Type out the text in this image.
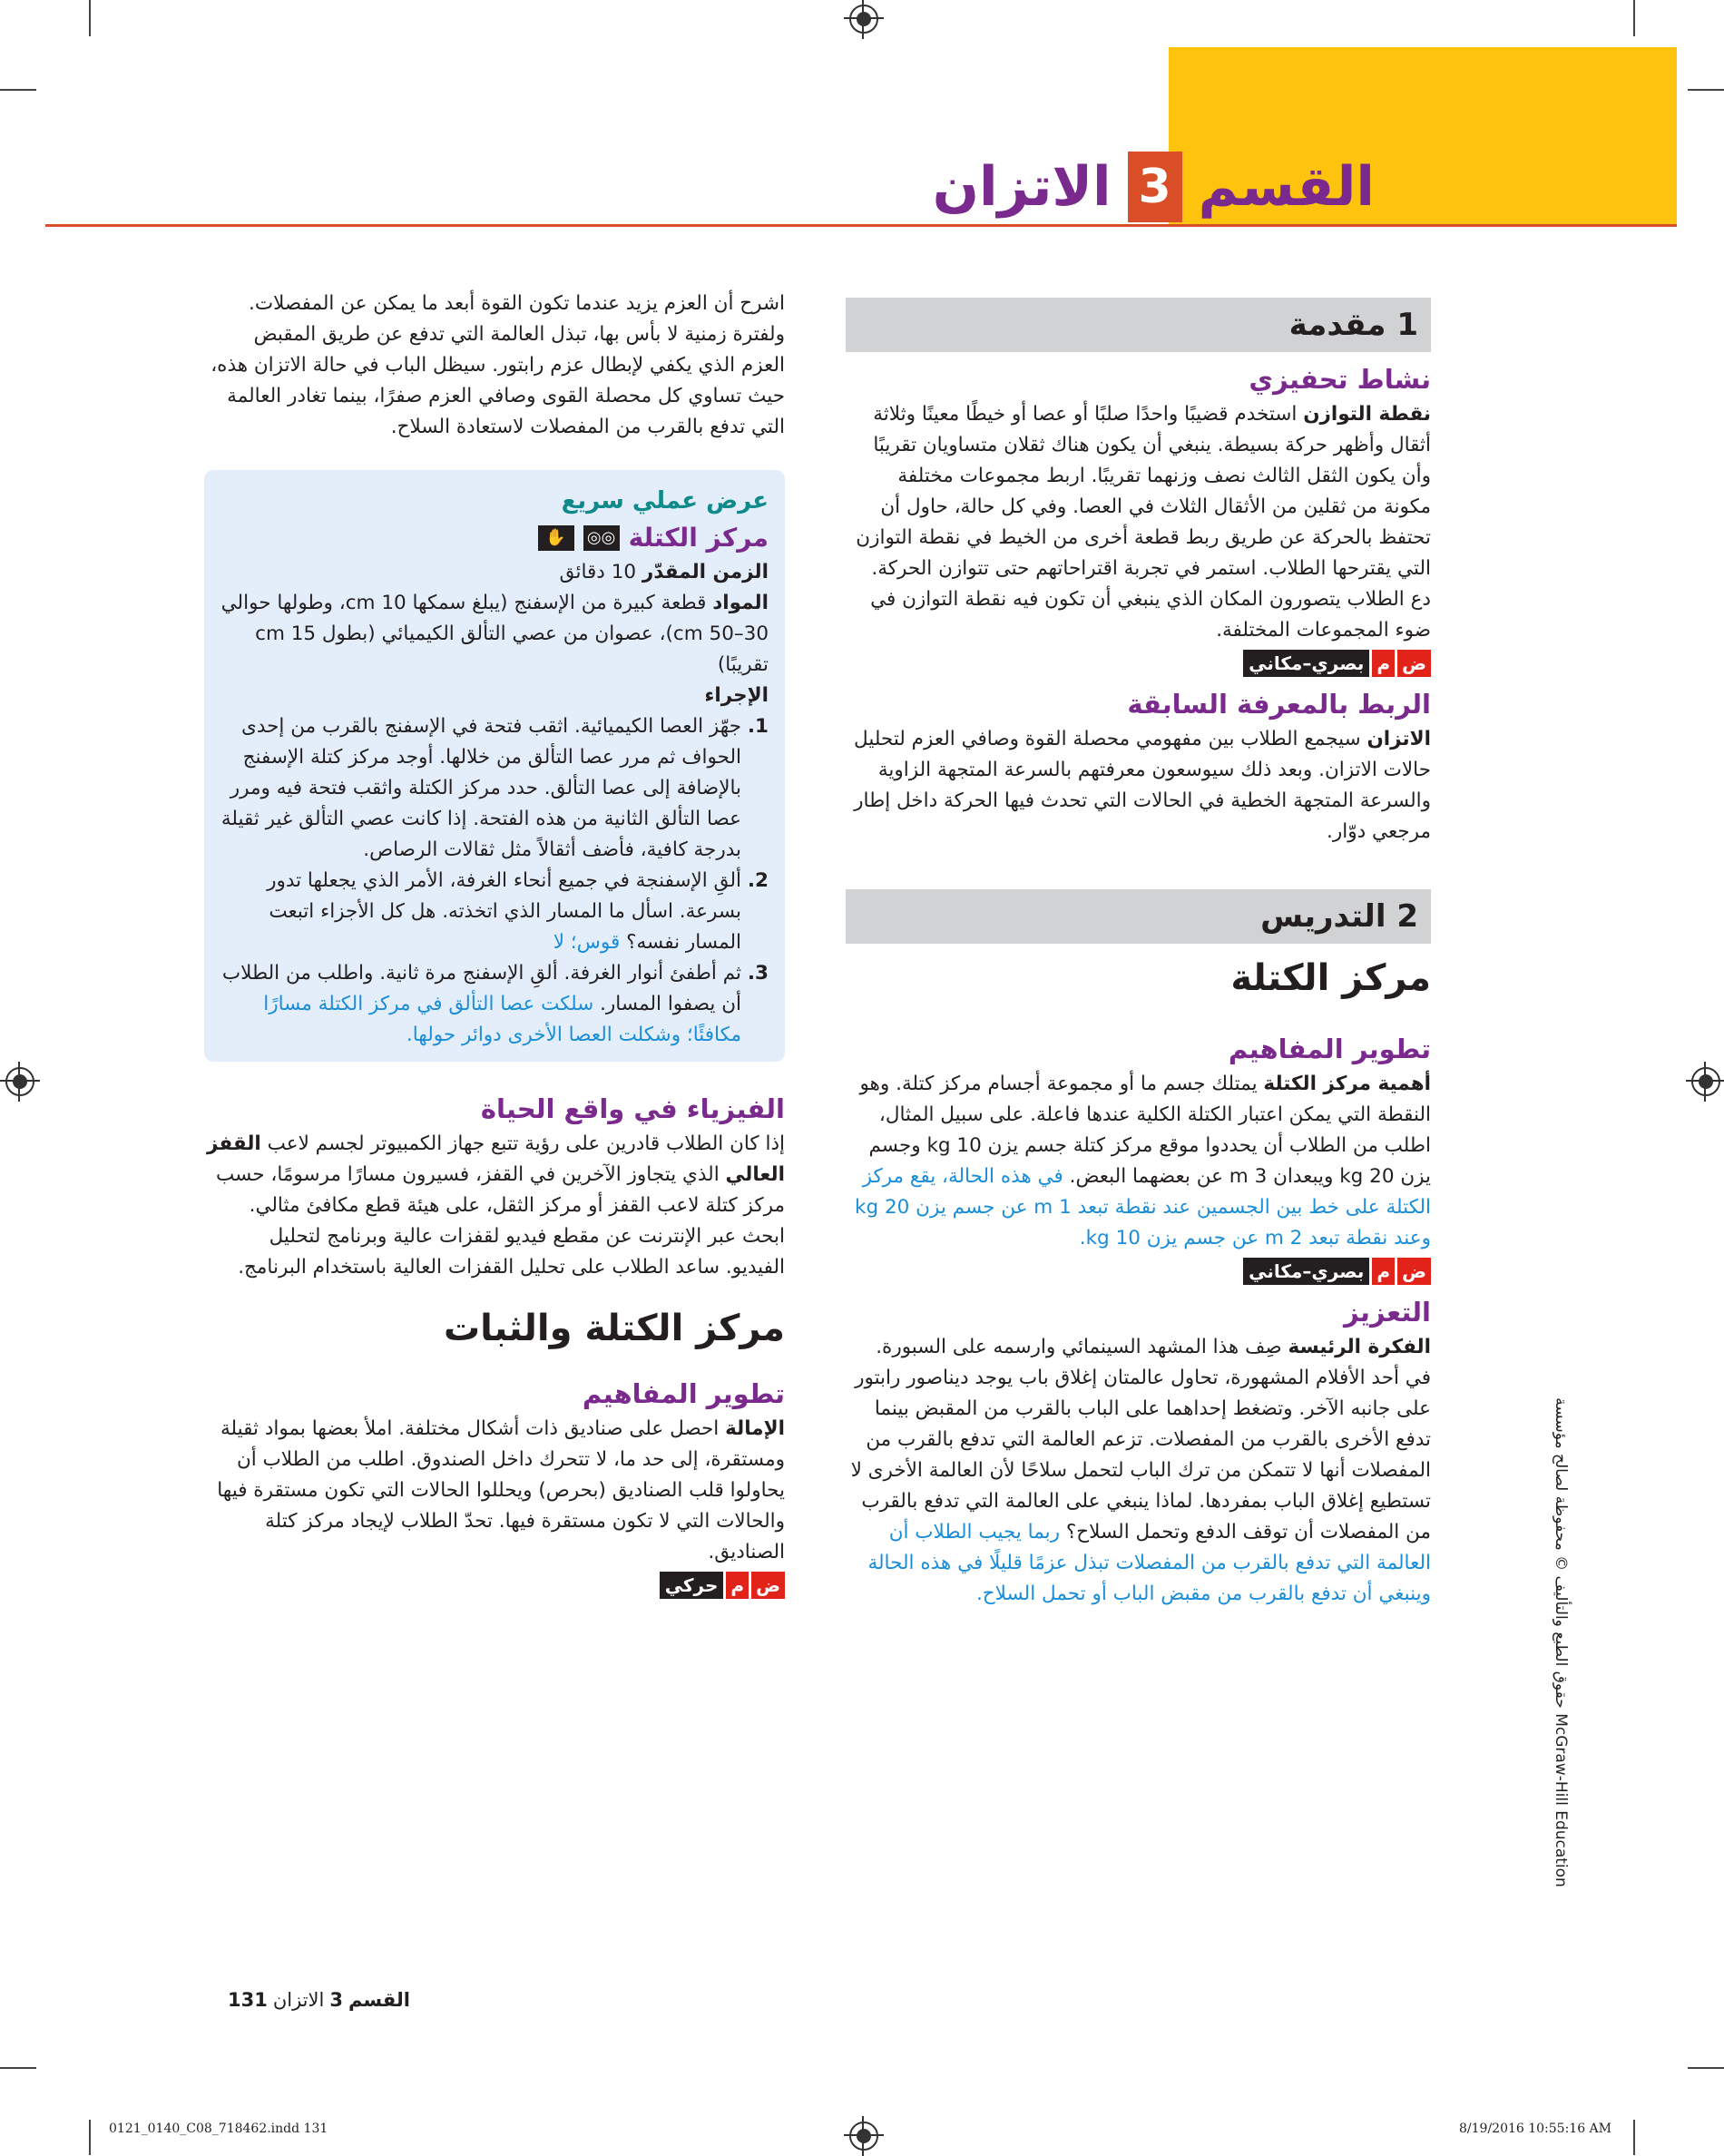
القسم
3
الاتزان
1 مقدمة
نشاط تحفيزي

نقطة التوازن استخدم قضيبًا واحدًا صلبًا أو عصا أو خيطًا معينًا وثلاثة أثقال وأظهر حركة بسيطة. ينبغي أن يكون هناك ثقلان متساويان تقريبًا وأن يكون الثقل الثالث نصف وزنهما تقريبًا. اربط مجموعات مختلفة مكونة من ثقلين من الأثقال الثلاث في العصا. وفي كل حالة، حاول أن تحتفظ بالحركة عن طريق ربط قطعة أخرى من الخيط في نقطة التوازن التي يقترحها الطلاب. استمر في تجربة اقتراحاتهم حتى تتوازن الحركة. دع الطلاب يتصورون المكان الذي ينبغي أن تكون فيه نقطة التوازن في ضوء المجموعات المختلفة.

ض
م
بصري–مكاني
الربط بالمعرفة السابقة

الاتزان سيجمع الطلاب بين مفهومي محصلة القوة وصافي العزم لتحليل حالات الاتزان. وبعد ذلك سيوسعون معرفتهم بالسرعة المتجهة الزاوية والسرعة المتجهة الخطية في الحالات التي تحدث فيها الحركة داخل إطار مرجعي دوّار.

2 التدريس
مركز الكتلة
تطوير المفاهيم

أهمية مركز الكتلة يمتلك جسم ما أو مجموعة أجسام مركز كتلة. وهو النقطة التي يمكن اعتبار الكتلة الكلية عندها فاعلة. على سبيل المثال، اطلب من الطلاب أن يحددوا موقع مركز كتلة جسم يزن 10 kg وجسم يزن 20 kg ويبعدان 3 m عن بعضهما البعض. في هذه الحالة، يقع مركز الكتلة على خط بين الجسمين عند نقطة تبعد 1 m عن جسم يزن 20 kg وعند نقطة تبعد 2 m عن جسم يزن 10 kg.

ض
م
بصري–مكاني
التعزيز

الفكرة الرئيسة صِف هذا المشهد السينمائي وارسمه على السبورة. في أحد الأفلام المشهورة، تحاول عالمتان إغلاق باب يوجد ديناصور رابتور على جانبه الآخر. وتضغط إحداهما على الباب بالقرب من المقبض بينما تدفع الأخرى بالقرب من المفصلات. تزعم العالمة التي تدفع بالقرب من المفصلات أنها لا تتمكن من ترك الباب لتحمل سلاحًا لأن العالمة الأخرى لا تستطيع إغلاق الباب بمفردها. لماذا ينبغي على العالمة التي تدفع بالقرب من المفصلات أن توقف الدفع وتحمل السلاح؟ ربما يجيب الطلاب أن العالمة التي تدفع بالقرب من المفصلات تبذل عزمًا قليلًا في هذه الحالة وينبغي أن تدفع بالقرب من مقبض الباب أو تحمل السلاح.

اشرح أن العزم يزيد عندما تكون القوة أبعد ما يمكن عن المفصلات. ولفترة زمنية لا بأس بها، تبذل العالمة التي تدفع عن طريق المقبض العزم الذي يكفي لإبطال عزم رابتور. سيظل الباب في حالة الاتزان هذه، حيث تساوي كل محصلة القوى وصافي العزم صفرًا، بينما تغادر العالمة التي تدفع بالقرب من المفصلات لاستعادة السلاح.

عرض عملي سريع
مركز الكتلة
◎◎
✋

الزمن المقدّر 10 دقائق

المواد قطعة كبيرة من الإسفنج (يبلغ سمكها 10 cm، وطولها حوالي 30–50 cm)، عصوان من عصي التألق الكيميائي (بطول 15 cm تقريبًا)

الإجراء

1.
جهّز العصا الكيميائية. اثقب فتحة في الإسفنج بالقرب من إحدى الحواف ثم مرر عصا التألق من خلالها. أوجد مركز كتلة الإسفنج بالإضافة إلى عصا التألق. حدد مركز الكتلة واثقب فتحة فيه ومرر عصا التألق الثانية من هذه الفتحة. إذا كانت عصي التألق غير ثقيلة بدرجة كافية، فأضف أثقالاً مثل ثقالات الرصاص.
2.
ألقِ الإسفنجة في جميع أنحاء الغرفة، الأمر الذي يجعلها تدور بسرعة. اسأل ما المسار الذي اتخذته. هل كل الأجزاء اتبعت المسار نفسه؟ قوس؛ لا
3.
ثم أطفئ أنوار الغرفة. ألقِ الإسفنج مرة ثانية. واطلب من الطلاب أن يصفوا المسار. سلكت عصا التألق في مركز الكتلة مسارًا مكافئًا؛ وشكلت العصا الأخرى دوائر حولها.
الفيزياء في واقع الحياة

إذا كان الطلاب قادرين على رؤية تتبع جهاز الكمبيوتر لجسم لاعب القفز العالي الذي يتجاوز الآخرين في القفز، فسيرون مسارًا مرسومًا، حسب مركز كتلة لاعب القفز أو مركز الثقل، على هيئة قطع مكافئ مثالي. ابحث عبر الإنترنت عن مقطع فيديو لقفزات عالية وبرنامج لتحليل الفيديو. ساعد الطلاب على تحليل القفزات العالية باستخدام البرنامج.

مركز الكتلة والثبات
تطوير المفاهيم

الإمالة احصل على صناديق ذات أشكال مختلفة. املأ بعضها بمواد ثقيلة ومستقرة، إلى حد ما، لا تتحرك داخل الصندوق. اطلب من الطلاب أن يحاولوا قلب الصناديق (بحرص) ويحللوا الحالات التي تكون مستقرة فيها والحالات التي لا تكون مستقرة فيها. تحدّ الطلاب لإيجاد مركز كتلة الصناديق.

ض
م
حركي	حقوق الطبع والتأليف © محفوظة لصالح مؤسسة McGraw-Hill Education
131 الاتزان 3 القسم
0121_0140_C08_718462.indd 131	8/19/2016 10:55:16 AM
